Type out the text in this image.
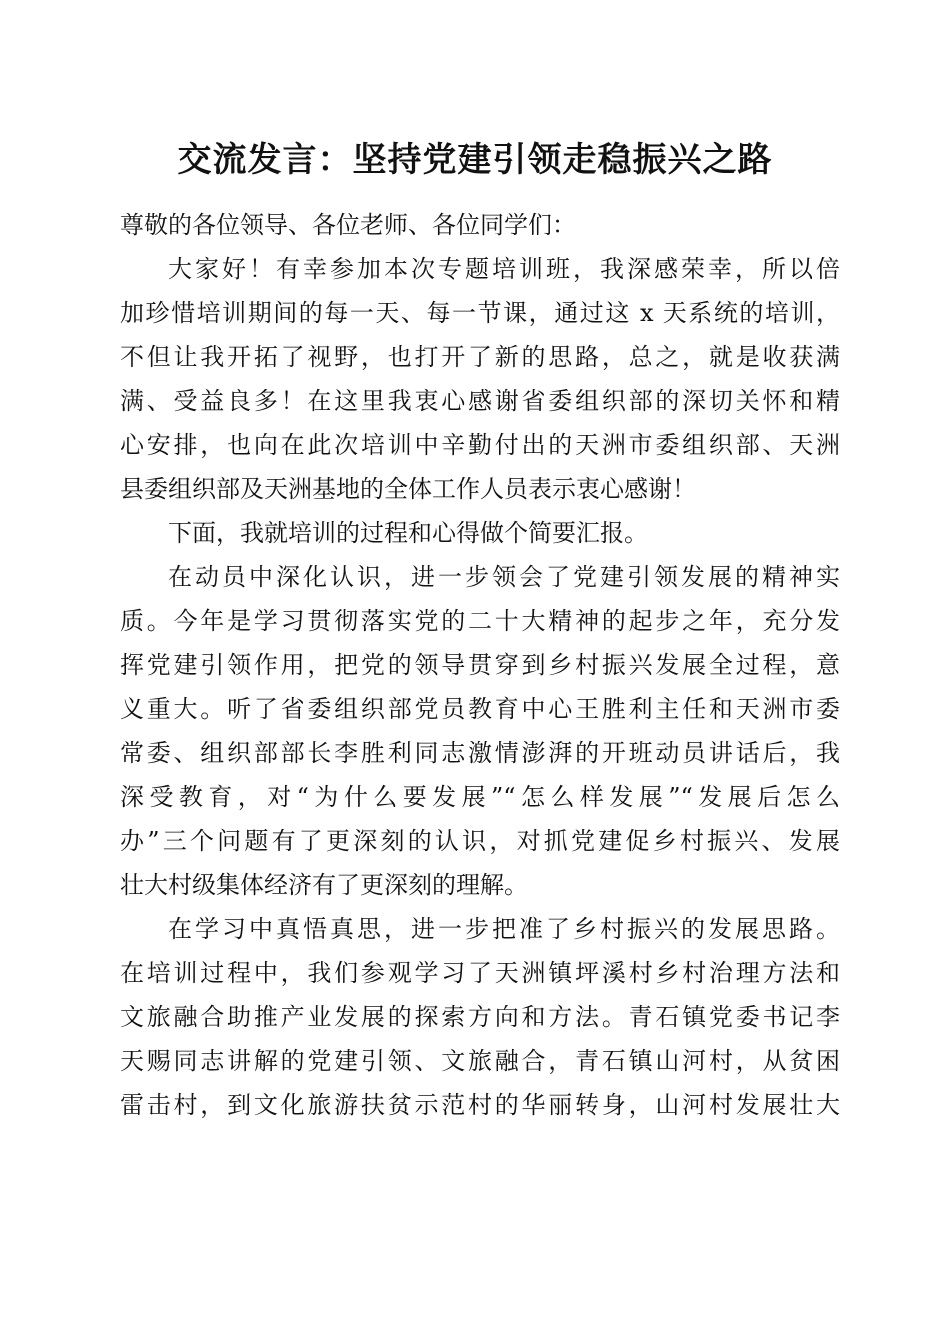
交流发言：坚持党建引领走稳振兴之路
尊敬的各位领导、各位老师、各位同学们：
大家好！有幸参加本次专题培训班，我深感荣幸，所以倍
加珍惜培训期间的每一天、每一节课，通过这 x 天系统的培训，
不但让我开拓了视野，也打开了新的思路，总之，就是收获满
满、受益良多！在这里我衷心感谢省委组织部的深切关怀和精
心安排，也向在此次培训中辛勤付出的天洲市委组织部、天洲
县委组织部及天洲基地的全体工作人员表示衷心感谢！
下面，我就培训的过程和心得做个简要汇报。
在动员中深化认识，进一步领会了党建引领发展的精神实
质。今年是学习贯彻落实党的二十大精神的起步之年，充分发
挥党建引领作用，把党的领导贯穿到乡村振兴发展全过程，意
义重大。听了省委组织部党员教育中心王胜利主任和天洲市委
常委、组织部部长李胜利同志激情澎湃的开班动员讲话后，我
深受教育，对“为什么要发展”“怎么样发展”“发展后怎么
办”三个问题有了更深刻的认识，对抓党建促乡村振兴、发展
壮大村级集体经济有了更深刻的理解。
在学习中真悟真思，进一步把准了乡村振兴的发展思路。
在培训过程中，我们参观学习了天洲镇坪溪村乡村治理方法和
文旅融合助推产业发展的探索方向和方法。青石镇党委书记李
天赐同志讲解的党建引领、文旅融合，青石镇山河村，从贫困
雷击村，到文化旅游扶贫示范村的华丽转身，山河村发展壮大
